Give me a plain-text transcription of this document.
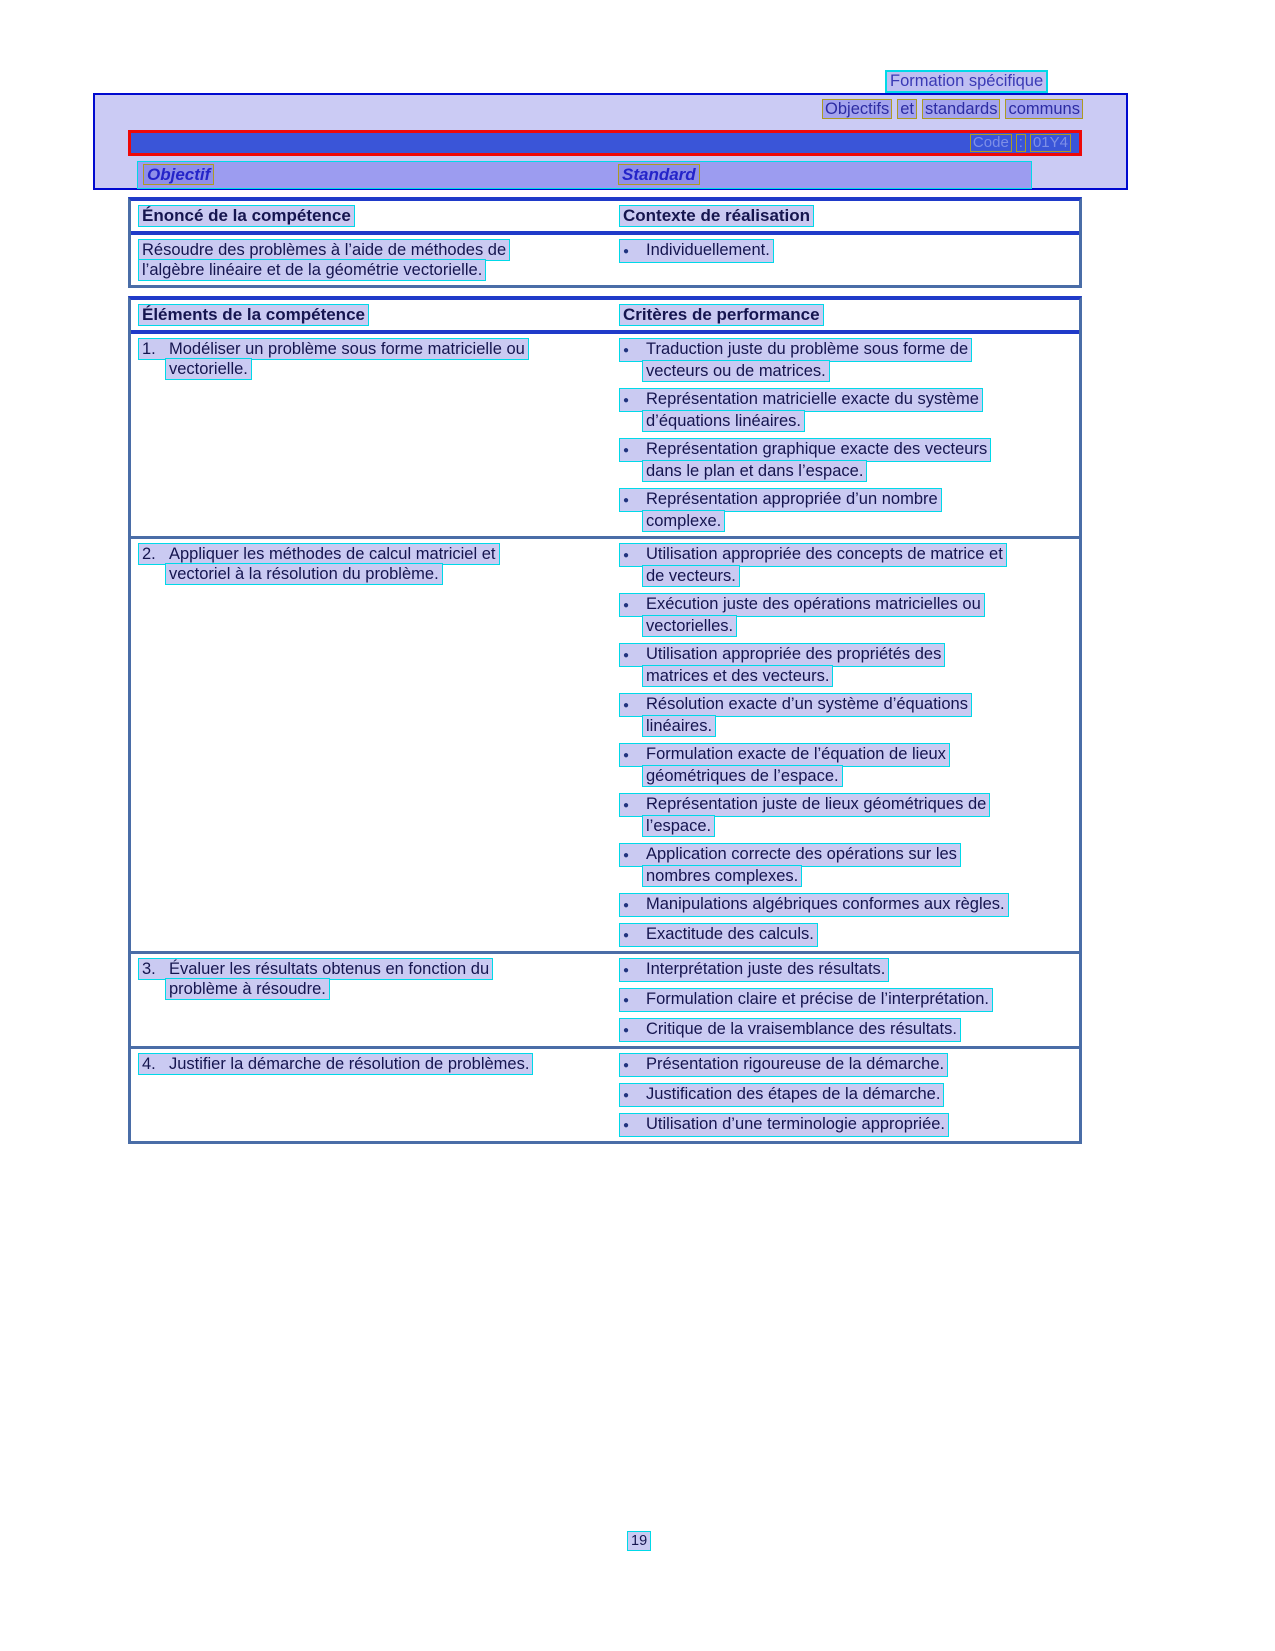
Formation spécifique
Objectifs et standards communs
Code : 01Y4
Objectif	Standard
Énoncé de la compétence	Contexte de réalisation
Résoudre des problèmes à l’aide de méthodes de
l’algèbre linéaire et de la géométrie vectorielle.
● Individuellement.
Éléments de la compétence	Critères de performance
1. Modéliser un problème sous forme matricielle ou
vectorielle.
● Traduction juste du problème sous forme de
vecteurs ou de matrices.
● Représentation matricielle exacte du système
d’équations linéaires.
● Représentation graphique exacte des vecteurs
dans le plan et dans l’espace.
● Représentation appropriée d’un nombre
complexe.
2. Appliquer les méthodes de calcul matriciel et
vectoriel à la résolution du problème.
● Utilisation appropriée des concepts de matrice et
de vecteurs.
● Exécution juste des opérations matricielles ou
vectorielles.
● Utilisation appropriée des propriétés des
matrices et des vecteurs.
● Résolution exacte d’un système d’équations
linéaires.
● Formulation exacte de l’équation de lieux
géométriques de l’espace.
● Représentation juste de lieux géométriques de
l’espace.
● Application correcte des opérations sur les
nombres complexes.
● Manipulations algébriques conformes aux règles.
● Exactitude des calculs.
3. Évaluer les résultats obtenus en fonction du
problème à résoudre.
● Interprétation juste des résultats.
● Formulation claire et précise de l’interprétation.
● Critique de la vraisemblance des résultats.
4. Justifier la démarche de résolution de problèmes.	● Présentation rigoureuse de la démarche.
● Justification des étapes de la démarche.
● Utilisation d’une terminologie appropriée.
19
